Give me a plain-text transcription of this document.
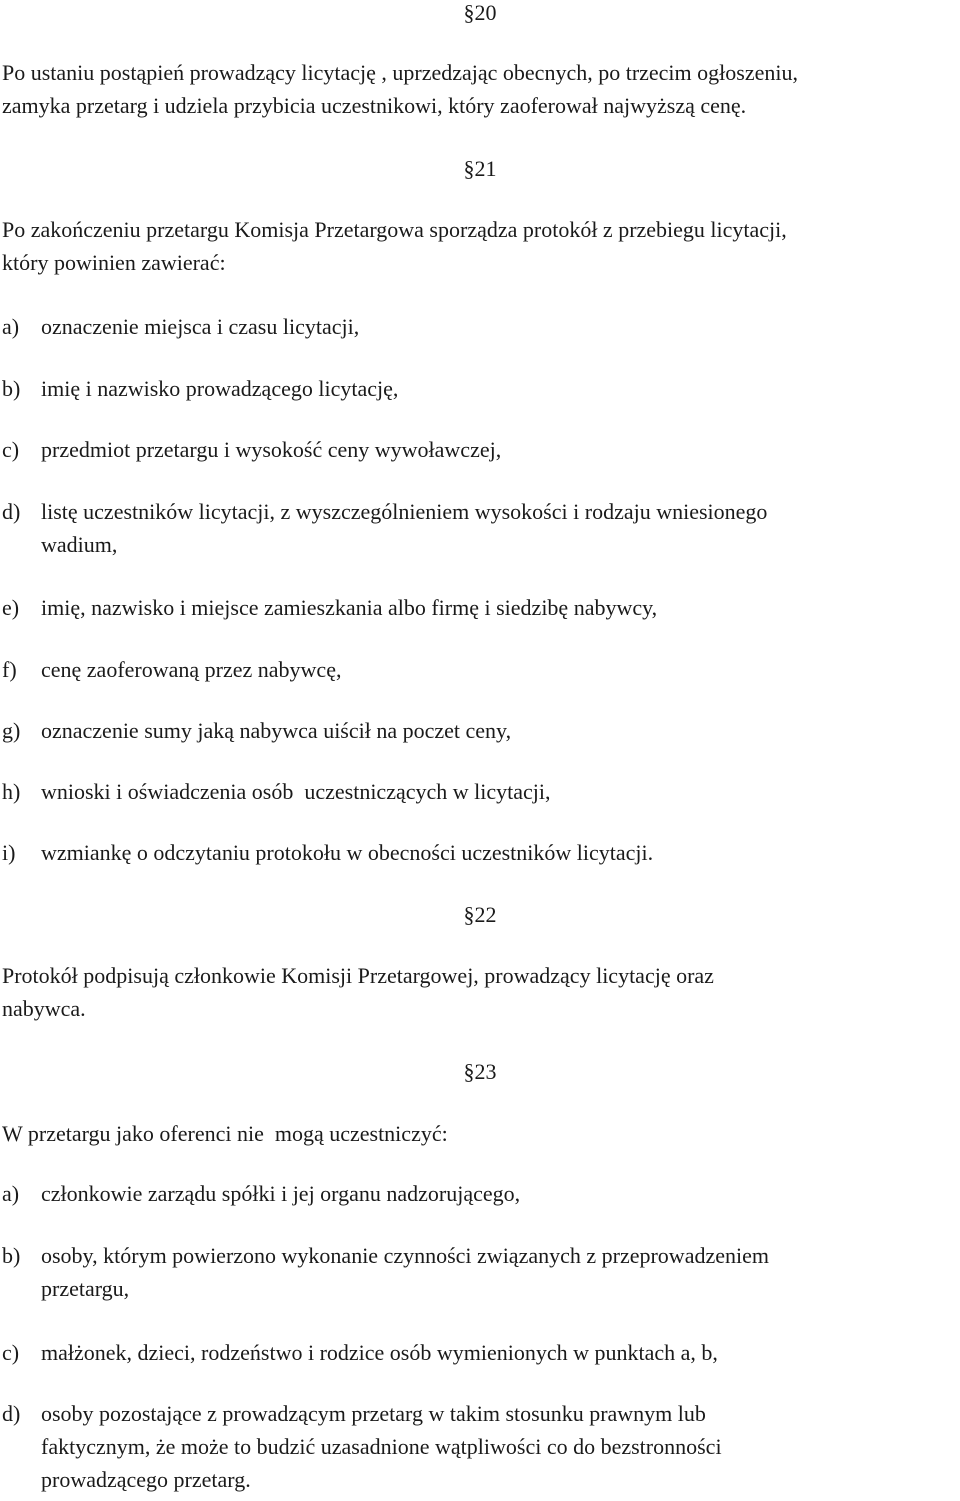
§20
Po ustaniu postąpień prowadzący licytację , uprzedzając obecnych, po trzecim ogłoszeniu,
zamyka przetarg i udziela przybicia uczestnikowi, który zaoferował najwyższą cenę.
§21
Po zakończeniu przetargu Komisja Przetargowa sporządza protokół z przebiegu licytacji,
który powinien zawierać:
a) oznaczenie miejsca i czasu licytacji,
b) imię i nazwisko prowadzącego licytację,
c) przedmiot przetargu i wysokość ceny wywoławczej,
d) listę uczestników licytacji, z wyszczególnieniem wysokości i rodzaju wniesionego
wadium,
e) imię, nazwisko i miejsce zamieszkania albo firmę i siedzibę nabywcy,
f)	cenę zaoferowaną przez nabywcę,
g) oznaczenie sumy jaką nabywca uiścił na poczet ceny,
h) wnioski i oświadczenia osób  uczestniczących w licytacji,
i)	wzmiankę o odczytaniu protokołu w obecności uczestników licytacji.
§22
Protokół podpisują członkowie Komisji Przetargowej, prowadzący licytację oraz
nabywca.
§23
W przetargu jako oferenci nie  mogą uczestniczyć:
a) członkowie zarządu spółki i jej organu nadzorującego,
b) osoby, którym powierzono wykonanie czynności związanych z przeprowadzeniem
przetargu,
c) małżonek, dzieci, rodzeństwo i rodzice osób wymienionych w punktach a, b,
d) osoby pozostające z prowadzącym przetarg w takim stosunku prawnym lub
faktycznym, że może to budzić uzasadnione wątpliwości co do bezstronności
prowadzącego przetarg.
